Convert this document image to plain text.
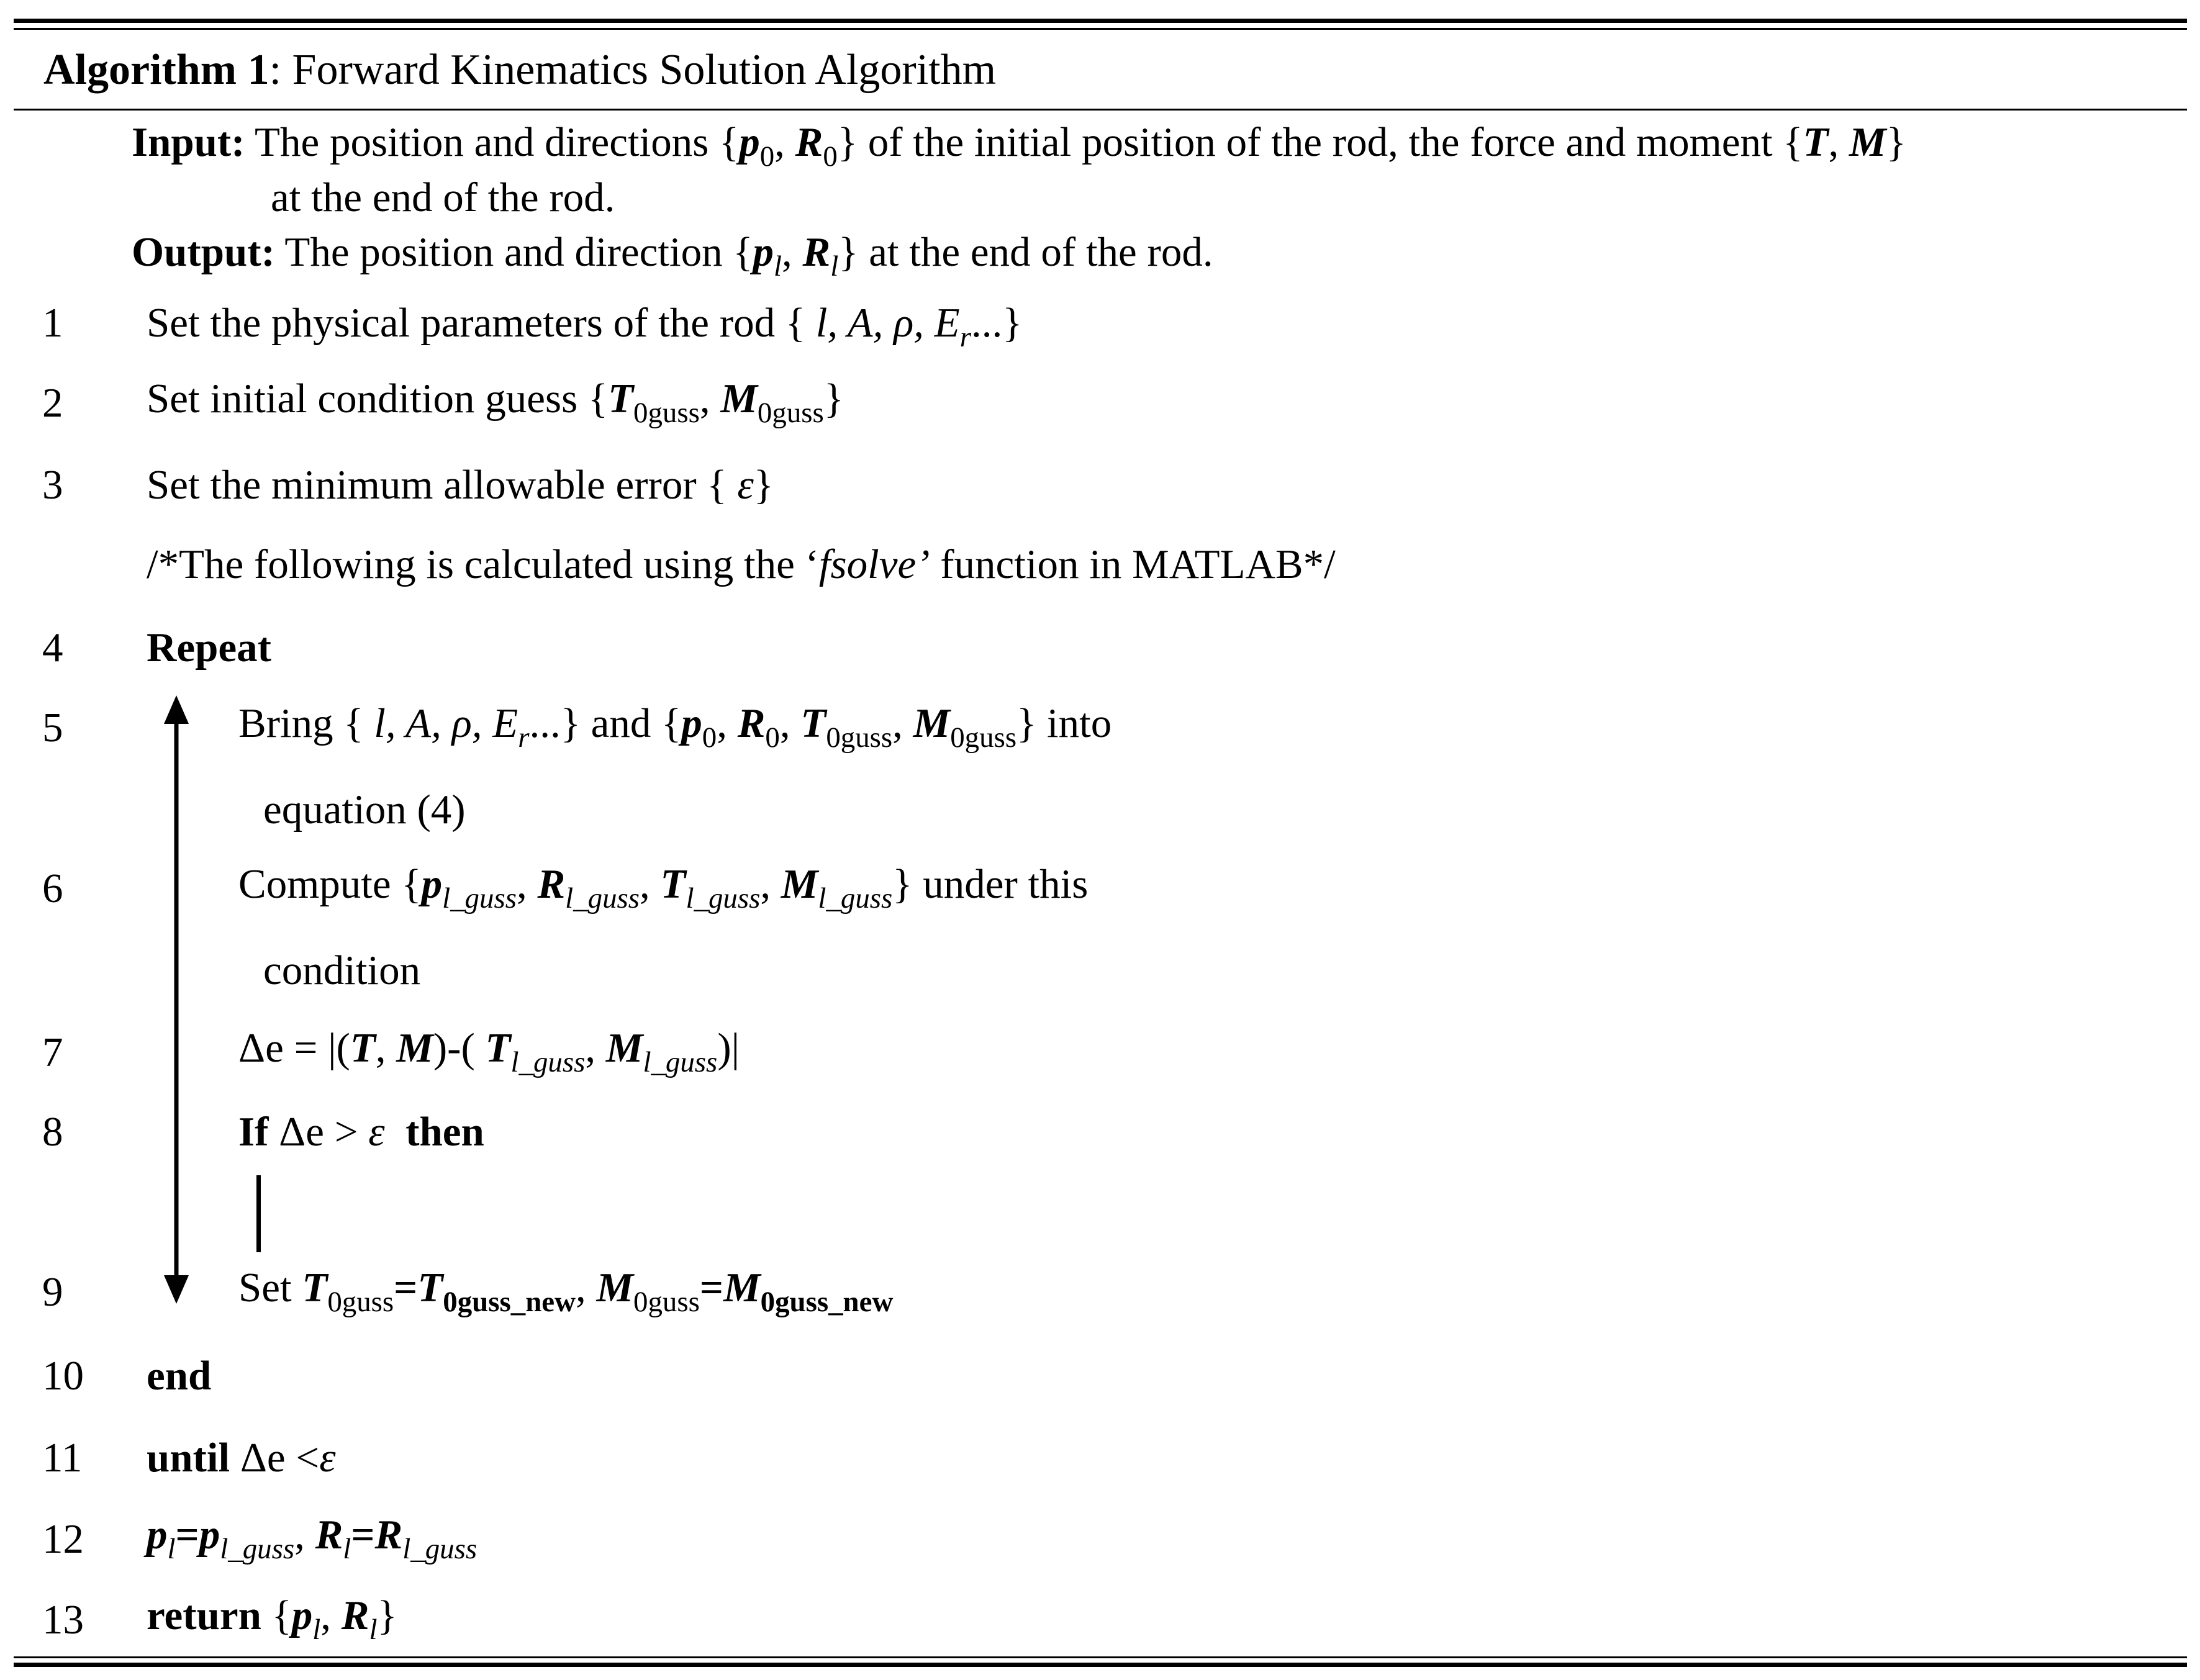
Algorithm 1: Forward Kinematics Solution Algorithm
Input: The position and directions {$p_0$, $R_0$} of the initial position of the rod, the force and moment {T, M}
at the end of the rod.
Output: The position and direction {$p_l$, $R_l$} at the end of the rod.
1 Set the physical parameters of the rod { l, A, ρ, $E_r$...}
2 Set initial condition guess {$T_{0guss}$, $M_{0guss}$}
3 Set the minimum allowable error { ε}
/*The following is calculated using the ‘fsolve’ function in MATLAB*/
4 Repeat
5	Bring { l, A, ρ, $E_r$...} and {$p_0$, $R_0$, $T_{0guss}$, $M_{0guss}$} into
equation (4)
6	Compute {$p_{l\_guss}$, $R_{l\_guss}$, $T_{l\_guss}$, $M_{l\_guss}$} under this
condition
7	Δe = |(T, M)-( $T_{l\_guss}$, $M_{l\_guss})|$
8	If Δe > ε then
9	Set $T_{0guss}=T_{0guss\_new}$, $M_{0guss}=M_{0guss\_new}$
10 end
11 until Δe <ε
12 $p_l=p_{l\_guss}$, $R_l=R_{l\_guss}$
13 return {$p_l$, $R_l$}
